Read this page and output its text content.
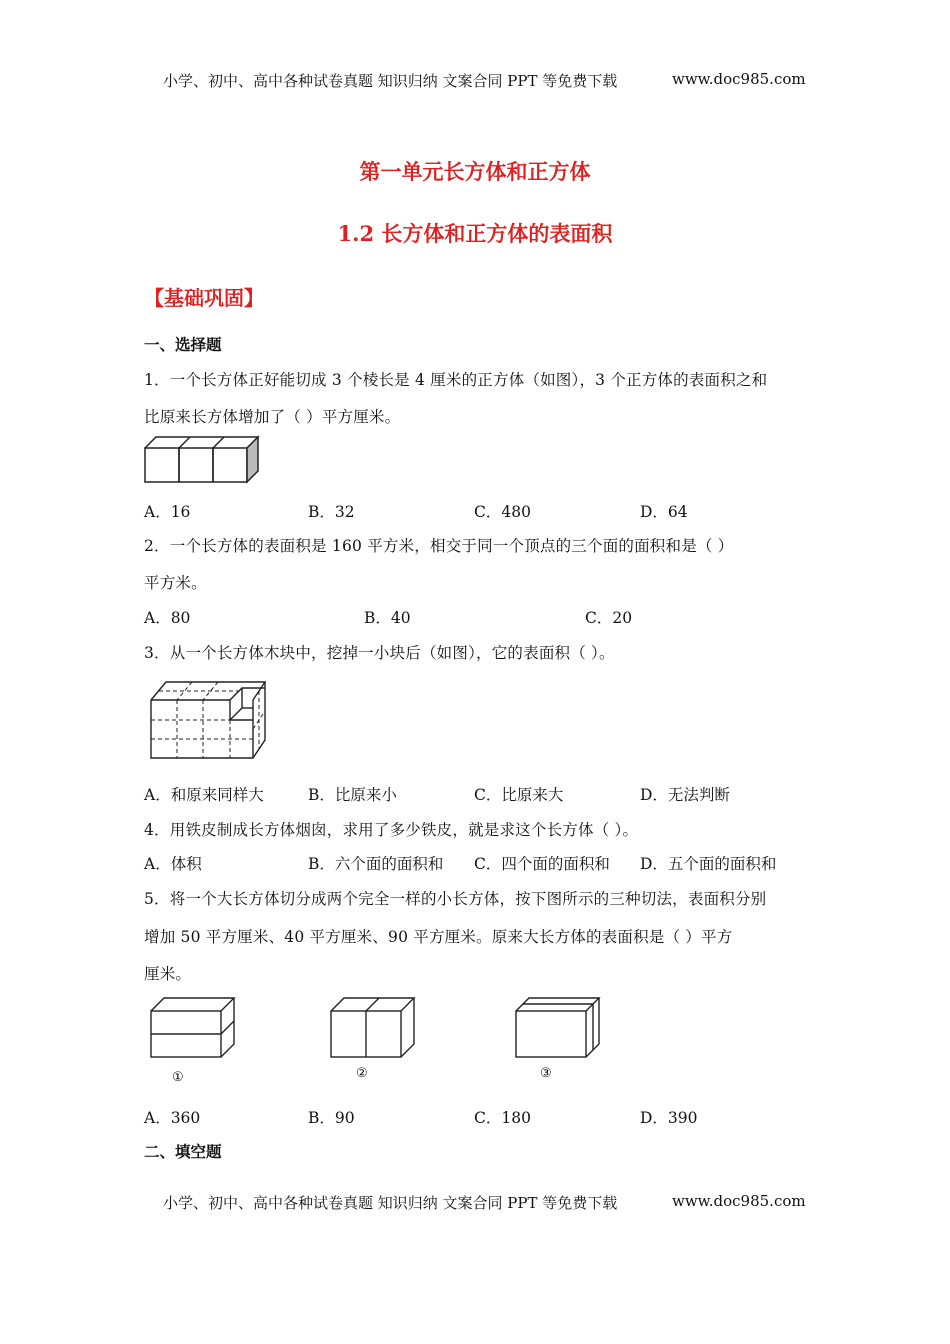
小学、初中、高中各种试卷真题 知识归纳 文案合同 PPT 等免费下载	www.doc985.com
第一单元长方体和正方体
1.2 长方体和正方体的表面积
【基础巩固】
一、选择题
1．一个长方体正好能切成 3 个棱长是 4 厘米的正方体（如图），3 个正方体的表面积之和
比原来长方体增加了（ ）平方厘米。
A．16	B．32	C．480	D．64
2．一个长方体的表面积是 160 平方米，相交于同一个顶点的三个面的面积和是（ ）
平方米。
A．80	B．40	C．20
3．从一个长方体木块中，挖掉一小块后（如图），它的表面积（ ）。
A．和原来同样大	B．比原来小	C．比原来大	D．无法判断
4．用铁皮制成长方体烟囱，求用了多少铁皮，就是求这个长方体（ ）。
A．体积	B．六个面的面积和 C．四个面的面积和 D．五个面的面积和
5．将一个大长方体切分成两个完全一样的小长方体，按下图所示的三种切法，表面积分别
增加 50 平方厘米、40 平方厘米、90 平方厘米。原来大长方体的表面积是（ ）平方
厘米。
①	②	③
A．360	B．90	C．180	D．390
二、填空题
小学、初中、高中各种试卷真题 知识归纳 文案合同 PPT 等免费下载	www.doc985.com
